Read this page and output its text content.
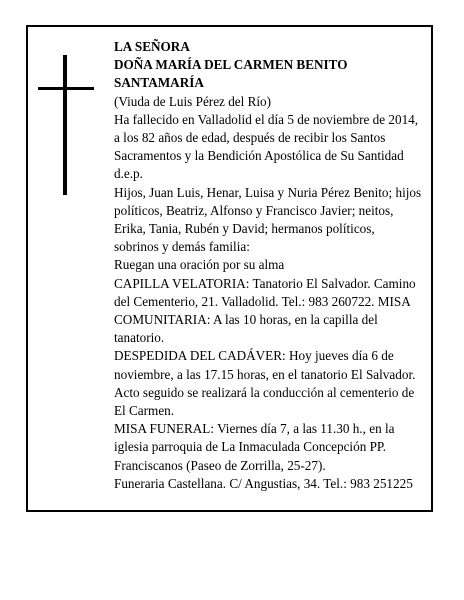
LA SEÑORA

DOÑA MARÍA DEL CARMEN BENITO SANTAMARÍA

(Viuda de Luis Pérez del Río)

Ha fallecido en Valladolid el día 5 de noviembre de 2014, a los 82 años de edad, después de recibir los Santos Sacramentos y la Bendición Apostólica de Su Santidad

d.e.p.

Hijos, Juan Luis, Henar, Luisa y Nuria Pérez Benito; hijos políticos, Beatriz, Alfonso y Francisco Javier; neitos, Erika, Tania, Rubén y David; hermanos políticos, sobrinos y demás familia:

Ruegan una oración por su alma

CAPILLA VELATORIA: Tanatorio El Salvador. Camino del Cementerio, 21. Valladolid. Tel.: 983 260722. MISA COMUNITARIA: A las 10 horas, en la capilla del tanatorio.

DESPEDIDA DEL CADÁVER: Hoy jueves día 6 de noviembre, a las 17.15 horas, en el tanatorio El Salvador. Acto seguido se realizará la conducción al cementerio de El Carmen.

MISA FUNERAL: Viernes día 7, a las 11.30 h., en la iglesia parroquia de La Inmaculada Concepción PP. Franciscanos (Paseo de Zorrilla, 25-27).

Funeraria Castellana. C/ Angustias, 34. Tel.: 983 251225
